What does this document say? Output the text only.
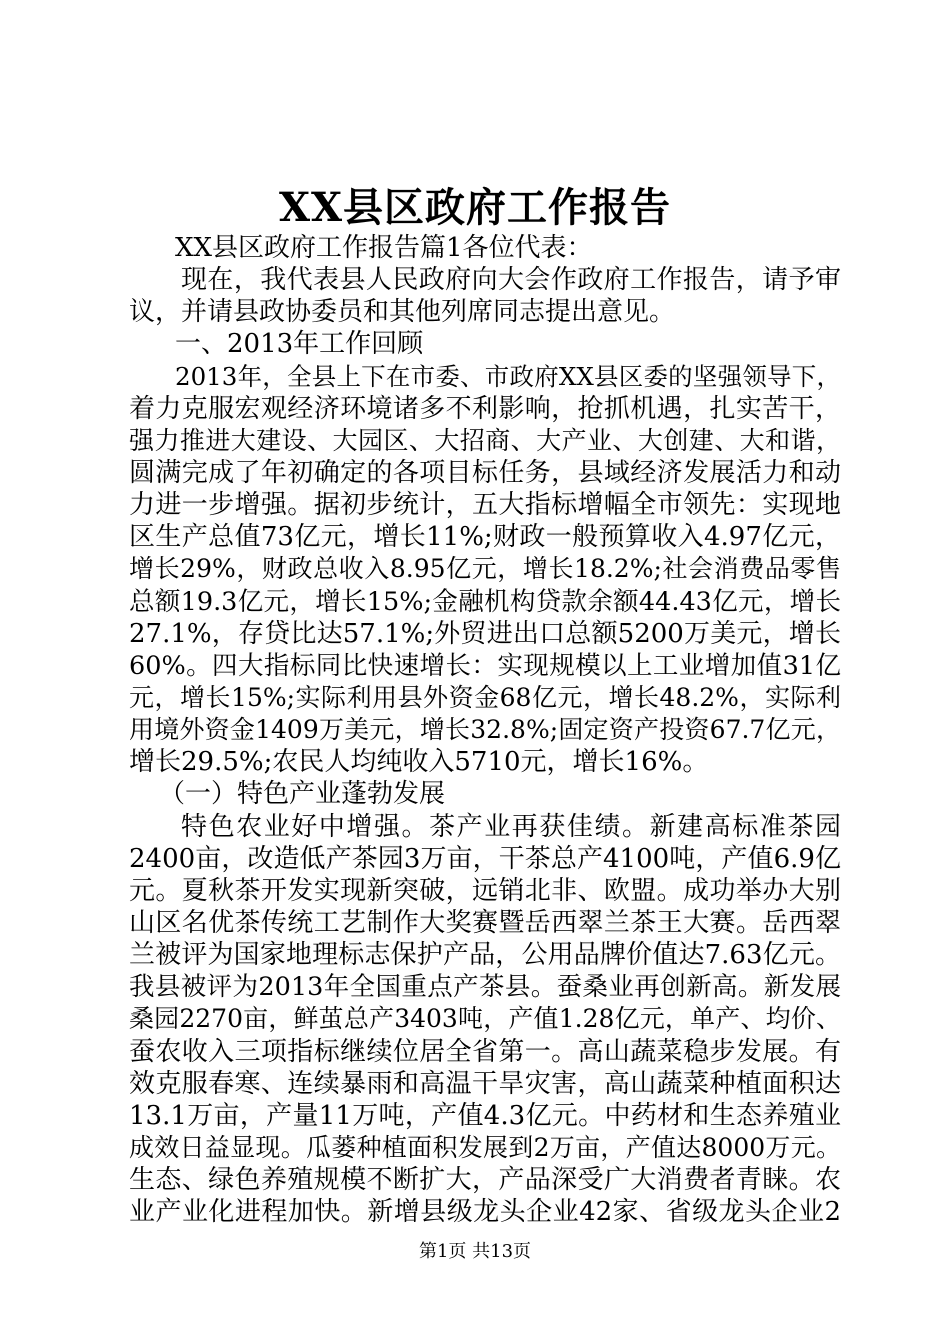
XX县区政府工作报告
XX县区政府工作报告篇1各位代表：
现在，我代表县人民政府向大会作政府工作报告，请予审
议，并请县政协委员和其他列席同志提出意见。
一、2013年工作回顾
2013年，全县上下在市委、市政府XX县区委的坚强领导下，
着力克服宏观经济环境诸多不利影响，抢抓机遇，扎实苦干，
强力推进大建设、大园区、大招商、大产业、大创建、大和谐，
圆满完成了年初确定的各项目标任务，县域经济发展活力和动
力进一步增强。据初步统计，五大指标增幅全市领先：实现地
区生产总值73亿元，增长11%;财政一般预算收入4.97亿元，
增长29%，财政总收入8.95亿元，增长18.2%;社会消费品零售
总额19.3亿元，增长15%;金融机构贷款余额44.43亿元，增长
27.1%，存贷比达57.1%;外贸进出口总额5200万美元，增长
60%。四大指标同比快速增长：实现规模以上工业增加值31亿
元，增长15%;实际利用县外资金68亿元，增长48.2%，实际利
用境外资金1409万美元，增长32.8%;固定资产投资67.7亿元，
增长29.5%;农民人均纯收入5710元，增长16%。
（一）特色产业蓬勃发展
特色农业好中增强。茶产业再获佳绩。新建高标准茶园
2400亩，改造低产茶园3万亩，干茶总产4100吨，产值6.9亿
元。夏秋茶开发实现新突破，远销北非、欧盟。成功举办大别
山区名优茶传统工艺制作大奖赛暨岳西翠兰茶王大赛。岳西翠
兰被评为国家地理标志保护产品，公用品牌价值达7.63亿元。
我县被评为2013年全国重点产茶县。蚕桑业再创新高。新发展
桑园2270亩，鲜茧总产3403吨，产值1.28亿元，单产、均价、
蚕农收入三项指标继续位居全省第一。高山蔬菜稳步发展。有
效克服春寒、连续暴雨和高温干旱灾害，高山蔬菜种植面积达
13.1万亩，产量11万吨，产值4.3亿元。中药材和生态养殖业
成效日益显现。瓜蒌种植面积发展到2万亩，产值达8000万元。
生态、绿色养殖规模不断扩大，产品深受广大消费者青睐。农
业产业化进程加快。新增县级龙头企业42家、省级龙头企业2
第1页 共13页
